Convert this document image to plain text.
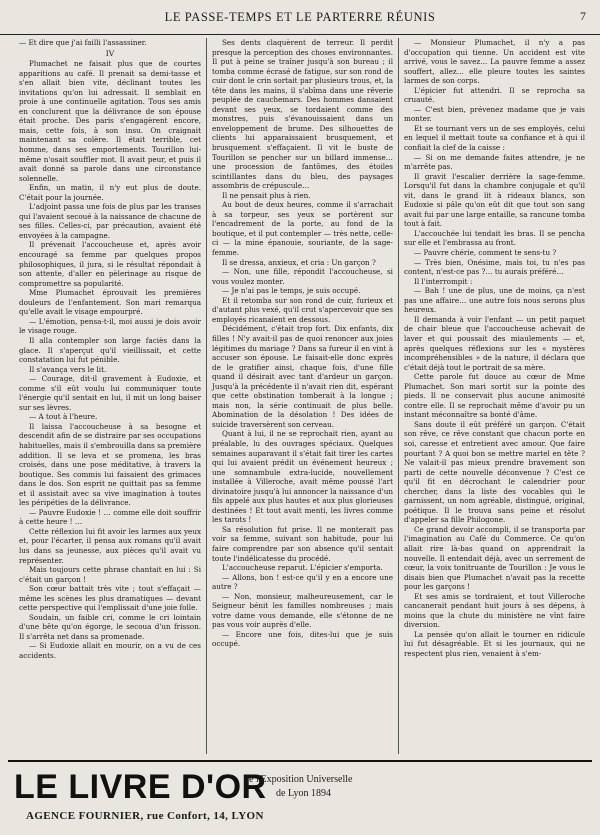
LE PASSE-TEMPS ET LE PARTERRE RÉUNIS	7

— Et dire que j'ai failli l'assassiner.

IV

Plumachet ne faisait plus que de courtes apparitions au café. Il prenait sa demi-tasse et s'en allait bien vite, déclinant toutes les invitations qu'on lui adressait. Il semblait en proie à une continuelle agitation. Tous ses amis en conclurent que la délivrance de son épouse était proche. Des paris s'engagèrent encore, mais, cette fois, à son insu. On craignait maintenant sa colère. Il était terrible, cet homme, dans ses emportements. Tourillon lui-même n'osait souffler mot. Il avait peur, et puis il avait donné sa parole dans une circonstance solennelle.

Enfin, un matin, il n'y eut plus de doute. C'était pour la journée.

L'adjoint passa une fois de plus par les transes qui l'avaient secoué à la naissance de chacune de ses filles. Celles-ci, par précaution, avaient été envoyées à la campagne.

Il prévenait l'accoucheuse et, après avoir encouragé sa femme par quelques propos philosophiques, il jura, si le résultat répondait à son attente, d'aller en pèlerinage au risque de compromettre sa popularité.

Mme Plumachet éprouvait les premières douleurs de l'enfantement. Son mari remarqua qu'elle avait le visage empourpré.

— L'émotion, pensa-t-il, moi aussi je dois avoir le visage rouge.

Il alla contempler son large faciès dans la glace. Il s'aperçut qu'il vieillissait, et cette constatation lui fut pénible.

Il s'avança vers le lit.

— Courage, dit-il gravement à Eudoxie, et comme s'il eût voulu lui communiquer toute l'énergie qu'il sentait en lui, il mit un long baiser sur ses lèvres.

— A tout à l'heure.

Il laissa l'accoucheuse à sa besogne et descendit afin de se distraire par ses occupations habituelles, mais il s'embrouilla dans sa première addition. Il se leva et se promena, les bras croisés, dans une pose méditative, à travers la boutique. Ses commis lui faisaient des grimaces dans le dos. Son esprit ne quittait pas sa femme et il assistait avec sa vive imagination à toutes les péripéties de la délivrance.

— Pauvre Eudoxie ! … comme elle doit souffrir à cette heure ! …

Cette réflexion lui fit avoir les larmes aux yeux et, pour l'écarter, il pensa aux romans qu'il avait lus dans sa jeunesse, aux pièces qu'il avait vu représenter.

Mais toujours cette phrase chantait en lui : Si c'était un garçon !

Son cœur battait très vite ; tout s'effaçait — même les scènes les plus dramatiques — devant cette perspective qui l'emplissait d'une joie folle.

Soudain, un faible cri, comme le cri lointain d'une bête qu'on égorge, le secoua d'un frisson. Il s'arrêta net dans sa promenade.

— Si Eudoxie allait en mourir, on a vu de ces accidents.

Ses dents claquèrent de terreur. Il perdit presque la perception des choses environnantes. Il put à peine se traîner jusqu'à son bureau ; il tomba comme écrasé de fatigue, sur son rond de cuir dont le crin sortait par plusieurs trous, et, la tête dans les mains, il s'abîma dans une rêverie peuplée de cauchemars. Des hommes dansaient devant ses yeux, se tordaient comme des monstres, puis s'évanouissaient dans un enveloppement de brume. Des silhouettes de clients lui apparaissaient brusquement, et brusquement s'effaçaient. Il vit le buste de Tourillon se pencher sur un billard immense… une procession de fantômes, des étoiles scintillantes dans du bleu, des paysages assombris de crépuscule…

Il ne pensait plus à rien.

Au bout de deux heures, comme il s'arrachait à sa torpeur, ses yeux se portèrent sur l'encadrement de la porte, au fond de la boutique, et il put contempler — très nette, celle-ci — la mine épanouie, souriante, de la sage-femme.

Il se dressa, anxieux, et cria : Un garçon ?

— Non, une fille, répondit l'accoucheuse, si vous voulez monter.

— Je n'ai pas le temps, je suis occupé.

Et il retomba sur son rond de cuir, furieux et d'autant plus vexé, qu'il crut s'apercevoir que ses employés ricanaient en dessous.

Décidément, c'était trop fort. Dix enfants, dix filles ! N'y avait-il pas de quoi renoncer aux joies légitimes du mariage ? Dans sa fureur il en vint à accuser son épouse. Le faisait-elle donc exprès de le gratifier ainsi, chaque fois, d'une fille quand il désirait avec tant d'ardeur un garçon. Jusqu'à la précédente il n'avait rien dit, espérant que cette obstination tomberait à la longue ; mais non, la série continuait de plus belle. Abomination de la désolation ! Des idées de suicide traversèrent son cerveau.

Quant à lui, il ne se reprochait rien, ayant au préalable, lu des ouvrages spéciaux. Quelques semaines auparavant il s'était fait tirer les cartes qui lui avaient prédit un événement heureux ; une somnambule extra-lucide, nouvellement installée à Villeroche, avait même poussé l'art divinatoire jusqu'à lui annoncer la naissance d'un fils appelé aux plus hautes et aux plus glorieuses destinées ! Et tout avait menti, les livres comme les tarots !

Sa résolution fut prise. Il ne monterait pas voir sa femme, suivant son habitude, pour lui faire comprendre par son absence qu'il sentait toute l'indélicatesse du procédé.

L'accoucheuse reparut. L'épicier s'emporta.

— Allons, bon ! est-ce qu'il y en a encore une autre ?

— Non, monsieur, malheureusement, car le Seigneur bénit les familles nombreuses ; mais votre dame vous demande, elle s'étonne de ne pas vous voir auprès d'elle.

— Encore une fois, dites-lui que je suis occupé.

— Monsieur Plumachet, il n'y a pas d'occupation qui tienne. Un accident est vite arrivé, vous le savez… La pauvre femme a assez souffert, allez… elle pleure toutes les saintes larmes de son corps.

L'épicier fut attendri. Il se reprocha sa cruauté.

— C'est bien, prévenez madame que je vais monter.

Et se tournant vers un de ses employés, celui en lequel il mettait toute sa confiance et à qui il confiait la clef de la caisse :

— Si on me demande faites attendre, je ne m'arrête pas.

Il gravit l'escalier derrière la sage-femme. Lorsqu'il fut dans la chambre conjugale et qu'il vit, dans le grand lit à rideaux blancs, son Eudoxie si pâle qu'on eût dit que tout son sang avait fui par une large entaille, sa rancune tomba tout à fait.

L'accouchée lui tendait les bras. Il se pencha sur elle et l'embrassa au front.

— Pauvre chérie, comment te sens-tu ?

— Très bien, Onésime, mais toi, tu n'es pas content, n'est-ce pas ?… tu aurais préféré…

Il l'interrompit :

— Bah ! une de plus, une de moins, ça n'est pas une affaire… une autre fois nous serons plus heureux.

Il demanda à voir l'enfant — un petit paquet de chair bleue que l'accoucheuse achevait de laver et qui poussait des miaulements — et, après quelques réflexions sur les « mystères incompréhensibles » de la nature, il déclara que c'était déjà tout le portrait de sa mère.

Cette parole fut douce au cœur de Mme Plumachet. Son mari sortit sur la pointe des pieds. Il ne conservait plus aucune animosité contre elle. Il se reprochait même d'avoir pu un instant méconnaître sa bonté d'âme.

Sans doute il eût préféré un garçon. C'était son rêve, ce rêve constant que chacun porte en soi, caresse et entretient avec amour. Que faire pourtant ? A quoi bon se mettre martel en tête ? Ne valait-il pas mieux prendre bravement son parti de cette nouvelle déconvenue ? C'est ce qu'il fit en décrochant le calendrier pour chercher, dans la liste des vocables qui le garnissent, un nom agréable, distingué, original, poétique. Il le trouva sans peine et résolut d'appeler sa fille Philogone.

Ce grand devoir accompli, il se transporta par l'imagination au Café du Commerce. Ce qu'on allait rire là-bas quand on apprendrait la nouvelle. Il entendait déjà, avec un serrement de cœur, la voix tonitruante de Tourillon : Je vous le disais bien que Plumachet n'avait pas la recette pour les garçons !

Et ses amis se tordraient, et tout Villeroche cancanerait pendant huit jours à ses dépens, à moins que la chute du ministère ne vînt faire diversion.

La pensée qu'on allait le tourner en ridicule lui fut désagréable. Et si les journaux, qui ne respectent plus rien, venaient à s'em-

LE LIVRE D'OR
de l'Exposition Universelle
de Lyon 1894
AGENCE FOURNIER, rue Confort, 14, LYON
